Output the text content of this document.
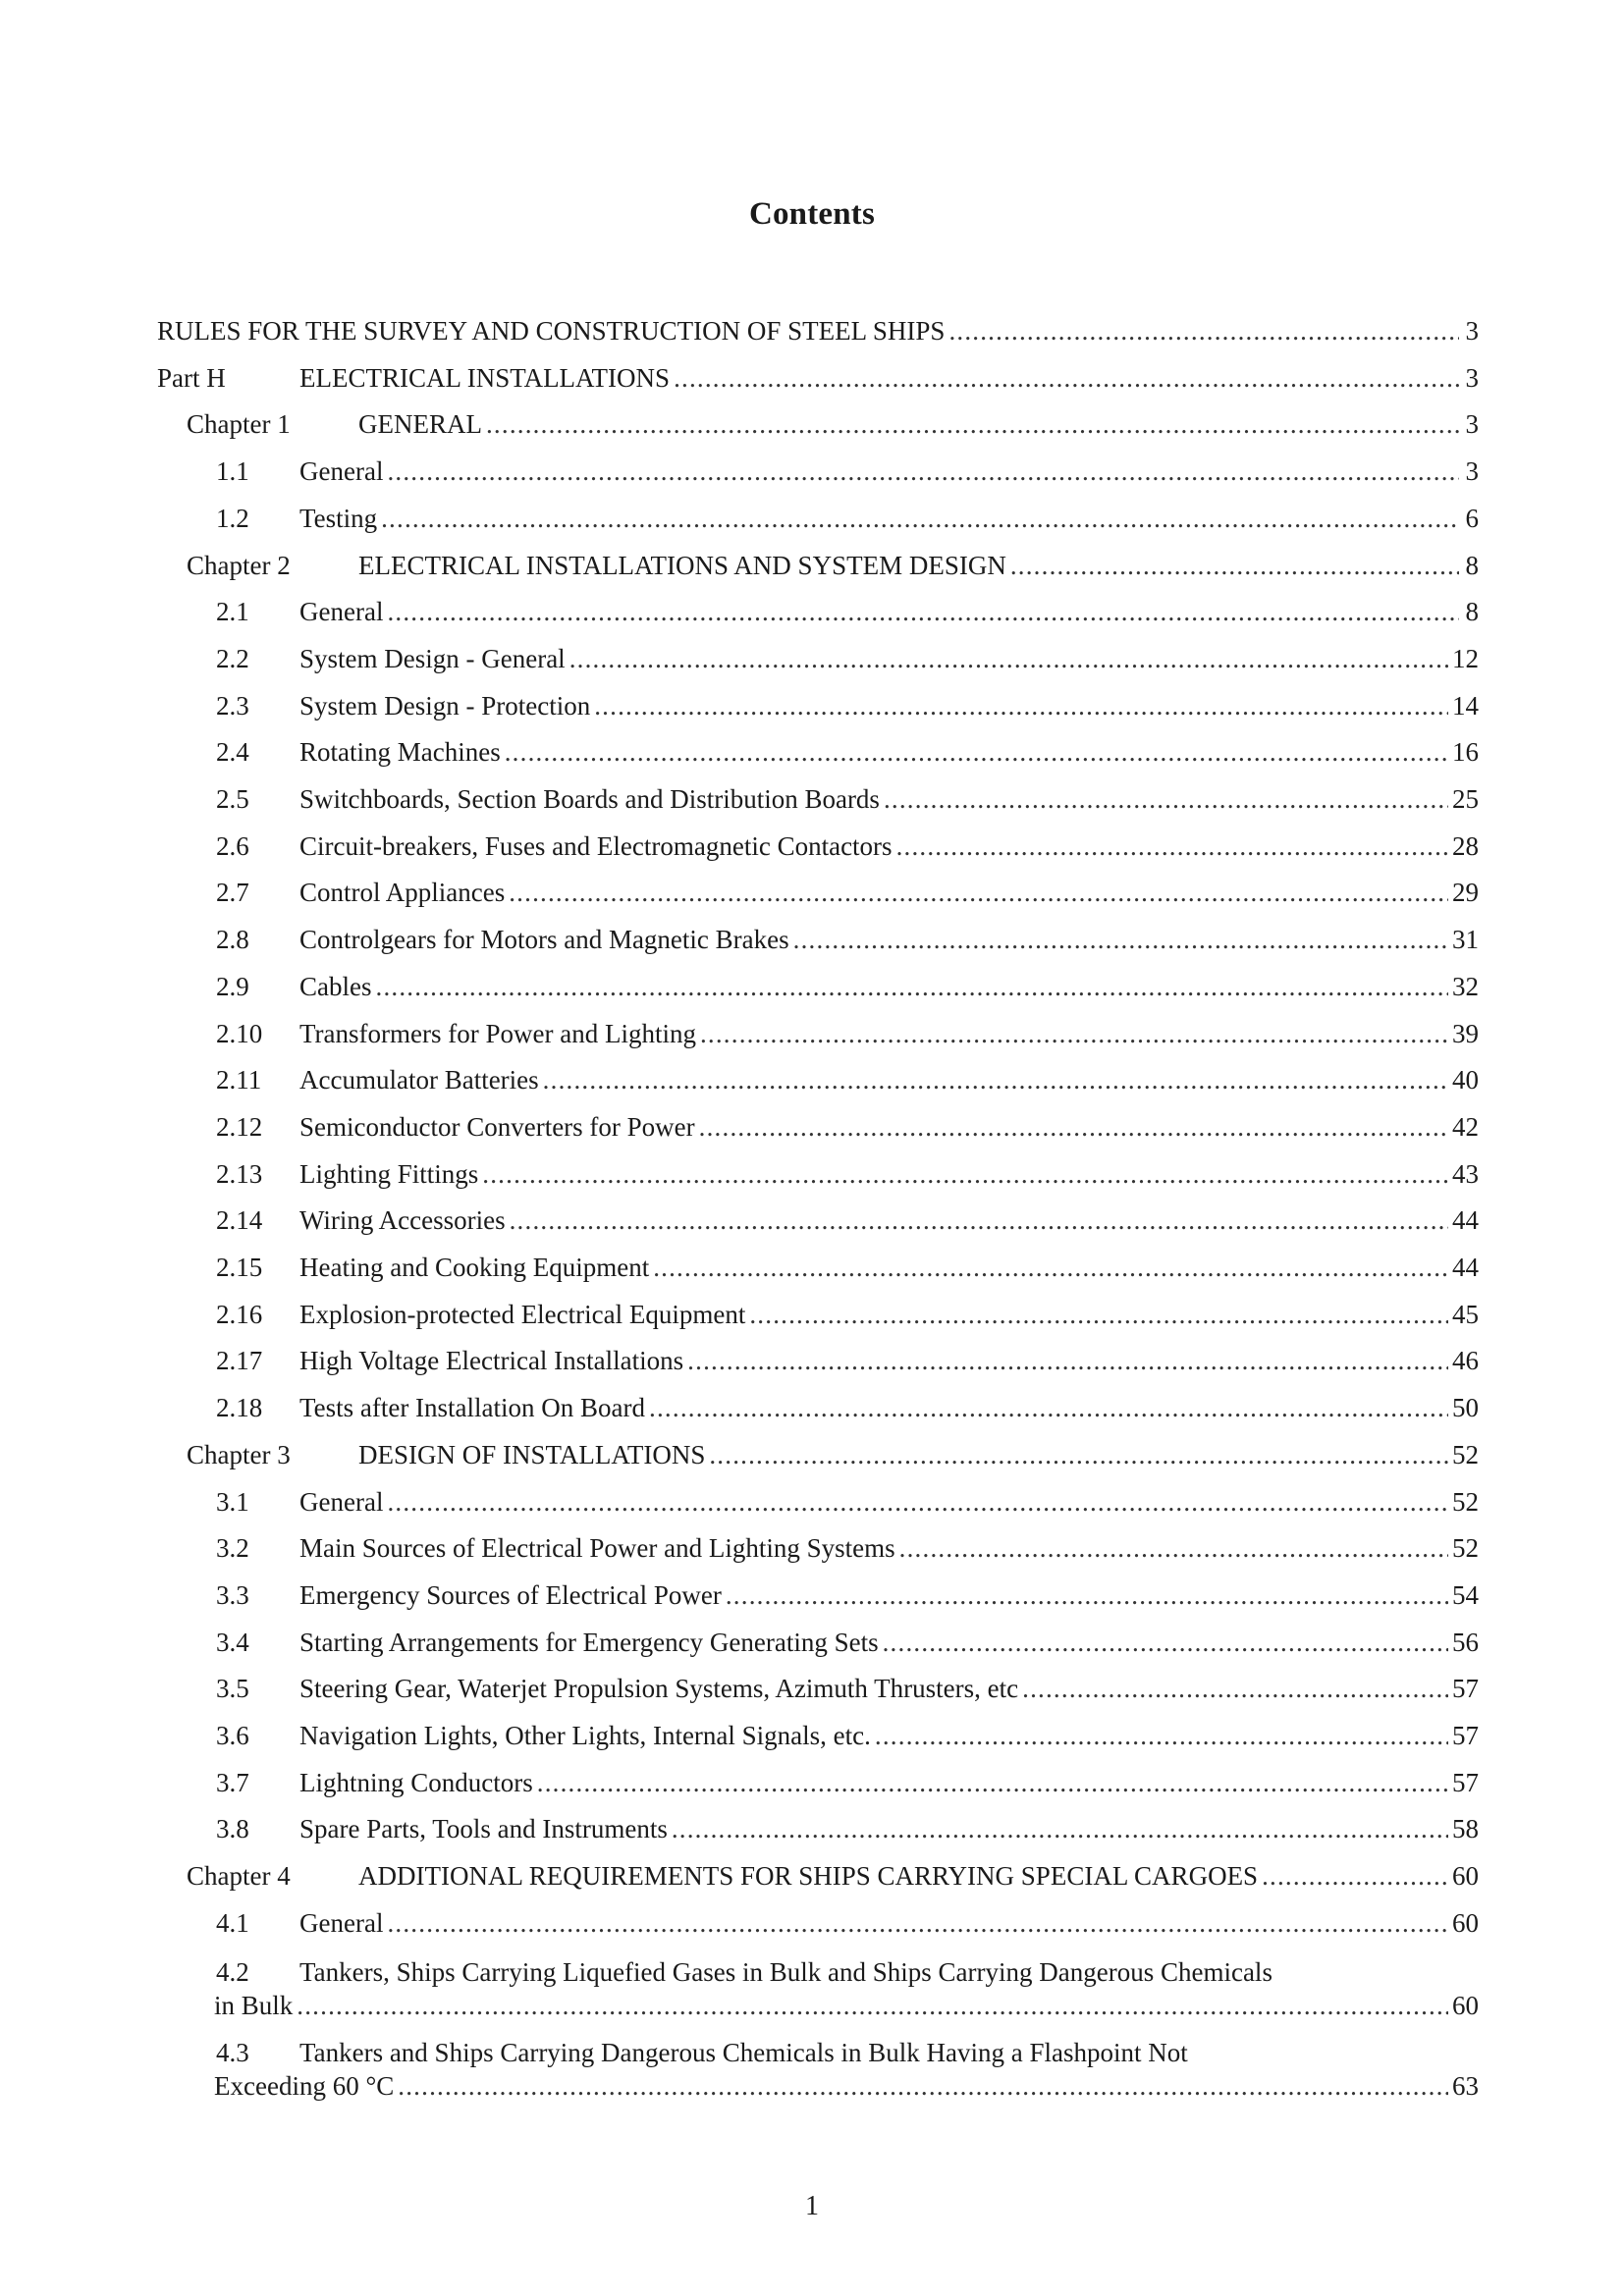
Contents
RULES FOR THE SURVEY AND CONSTRUCTION OF STEEL SHIPS .....	3
Part H	ELECTRICAL INSTALLATIONS .....	3
Chapter 1	GENERAL .....	3
1.1	General .....	3
1.2	Testing .....	6
Chapter 2	ELECTRICAL INSTALLATIONS AND SYSTEM DESIGN .....	8
2.1	General .....	8
2.2	System Design - General .....	12
2.3	System Design - Protection .....	14
2.4	Rotating Machines .....	16
2.5	Switchboards, Section Boards and Distribution Boards .....	25
2.6	Circuit-breakers, Fuses and Electromagnetic Contactors .....	28
2.7	Control Appliances .....	29
2.8	Controlgears for Motors and Magnetic Brakes .....	31
2.9	Cables .....	32
2.10	Transformers for Power and Lighting .....	39
2.11	Accumulator Batteries .....	40
2.12	Semiconductor Converters for Power .....	42
2.13	Lighting Fittings .....	43
2.14	Wiring Accessories .....	44
2.15	Heating and Cooking Equipment .....	44
2.16	Explosion-protected Electrical Equipment .....	45
2.17	High Voltage Electrical Installations .....	46
2.18	Tests after Installation On Board .....	50
Chapter 3	DESIGN OF INSTALLATIONS .....	52
3.1	General .....	52
3.2	Main Sources of Electrical Power and Lighting Systems .....	52
3.3	Emergency Sources of Electrical Power .....	54
3.4	Starting Arrangements for Emergency Generating Sets .....	56
3.5	Steering Gear, Waterjet Propulsion Systems, Azimuth Thrusters, etc .....	57
3.6	Navigation Lights, Other Lights, Internal Signals, etc. .....	57
3.7	Lightning Conductors .....	57
3.8	Spare Parts, Tools and Instruments .....	58
Chapter 4	ADDITIONAL REQUIREMENTS FOR SHIPS CARRYING SPECIAL CARGOES .....	60
4.1	General .....	60
4.2 Tankers, Ships Carrying Liquefied Gases in Bulk and Ships Carrying Dangerous Chemicals
in Bulk .....	60
4.3 Tankers and Ships Carrying Dangerous Chemicals in Bulk Having a Flashpoint Not
Exceeding 60 °C .....	63
1
